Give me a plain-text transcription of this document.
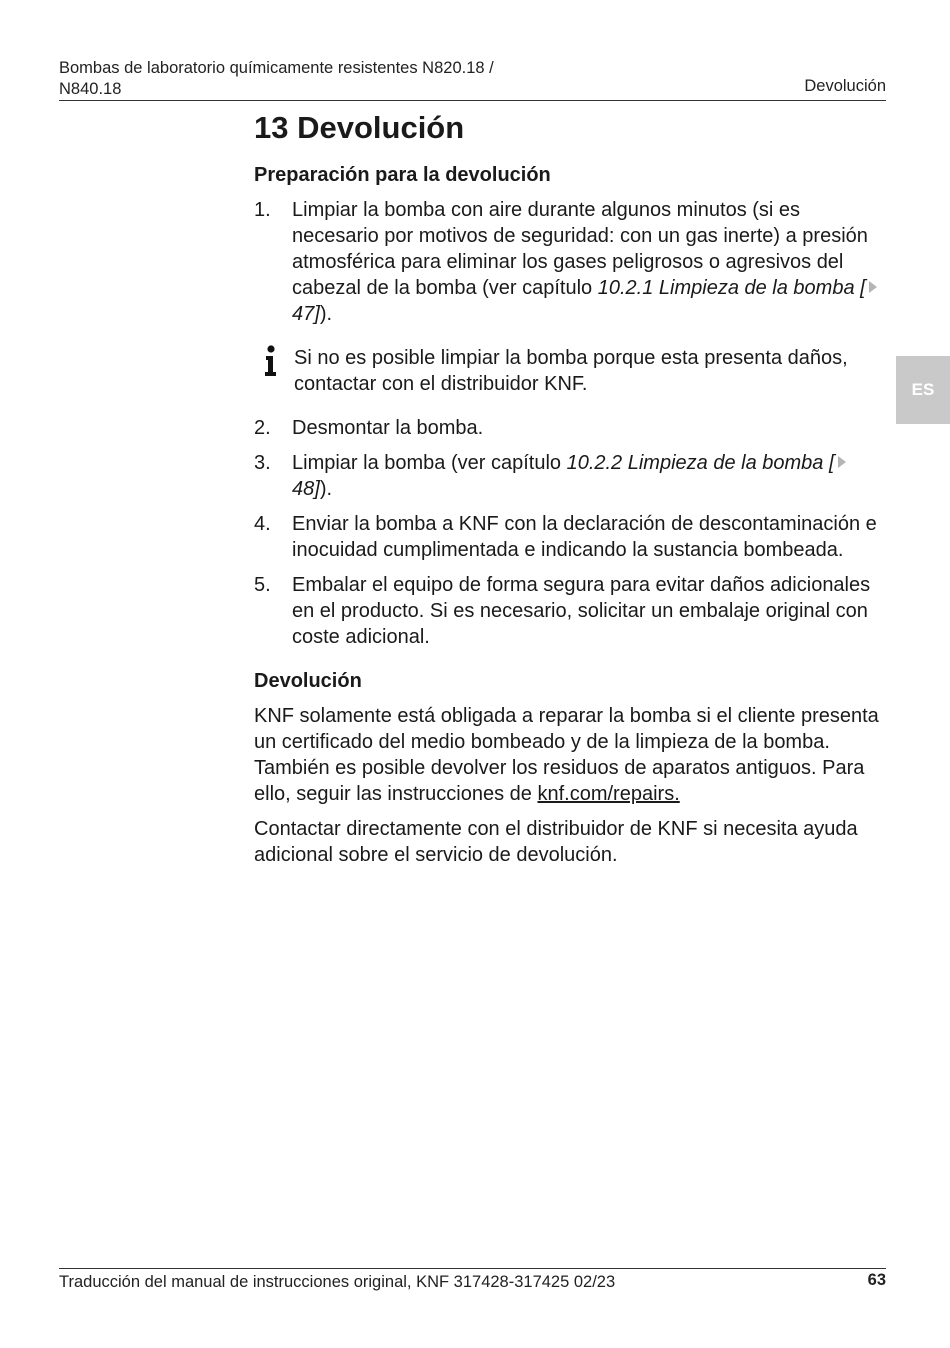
Bombas de laboratorio químicamente resistentes N820.18 /
N840.18	Devolución
ES
13 Devolución
Preparación para la devolución
1.	Limpiar la bomba con aire durante algunos minutos (si es necesario por motivos de seguridad: con un gas inerte) a presión atmosférica para eliminar los gases peligrosos o agresivos del cabezal de la bomba (ver capítulo 10.2.1 Limpieza de la bomba [47]).
Si no es posible limpiar la bomba porque esta presenta daños, contactar con el distribuidor KNF.
2.	Desmontar la bomba.
3.	Limpiar la bomba (ver capítulo 10.2.2 Limpieza de la bomba [48]).
4.	Enviar la bomba a KNF con la declaración de descontaminación e inocuidad cumplimentada e indicando la sustancia bombeada.
5.	Embalar el equipo de forma segura para evitar daños adicionales en el producto. Si es necesario, solicitar un embalaje original con coste adicional.
Devolución

KNF solamente está obligada a reparar la bomba si el cliente presenta un certificado del medio bombeado y de la limpieza de la bomba. También es posible devolver los residuos de aparatos antiguos. Para ello, seguir las instrucciones de knf.com/repairs.

Contactar directamente con el distribuidor de KNF si necesita ayuda adicional sobre el servicio de devolución.

Traducción del manual de instrucciones original, KNF 317428-317425 02/23	63
